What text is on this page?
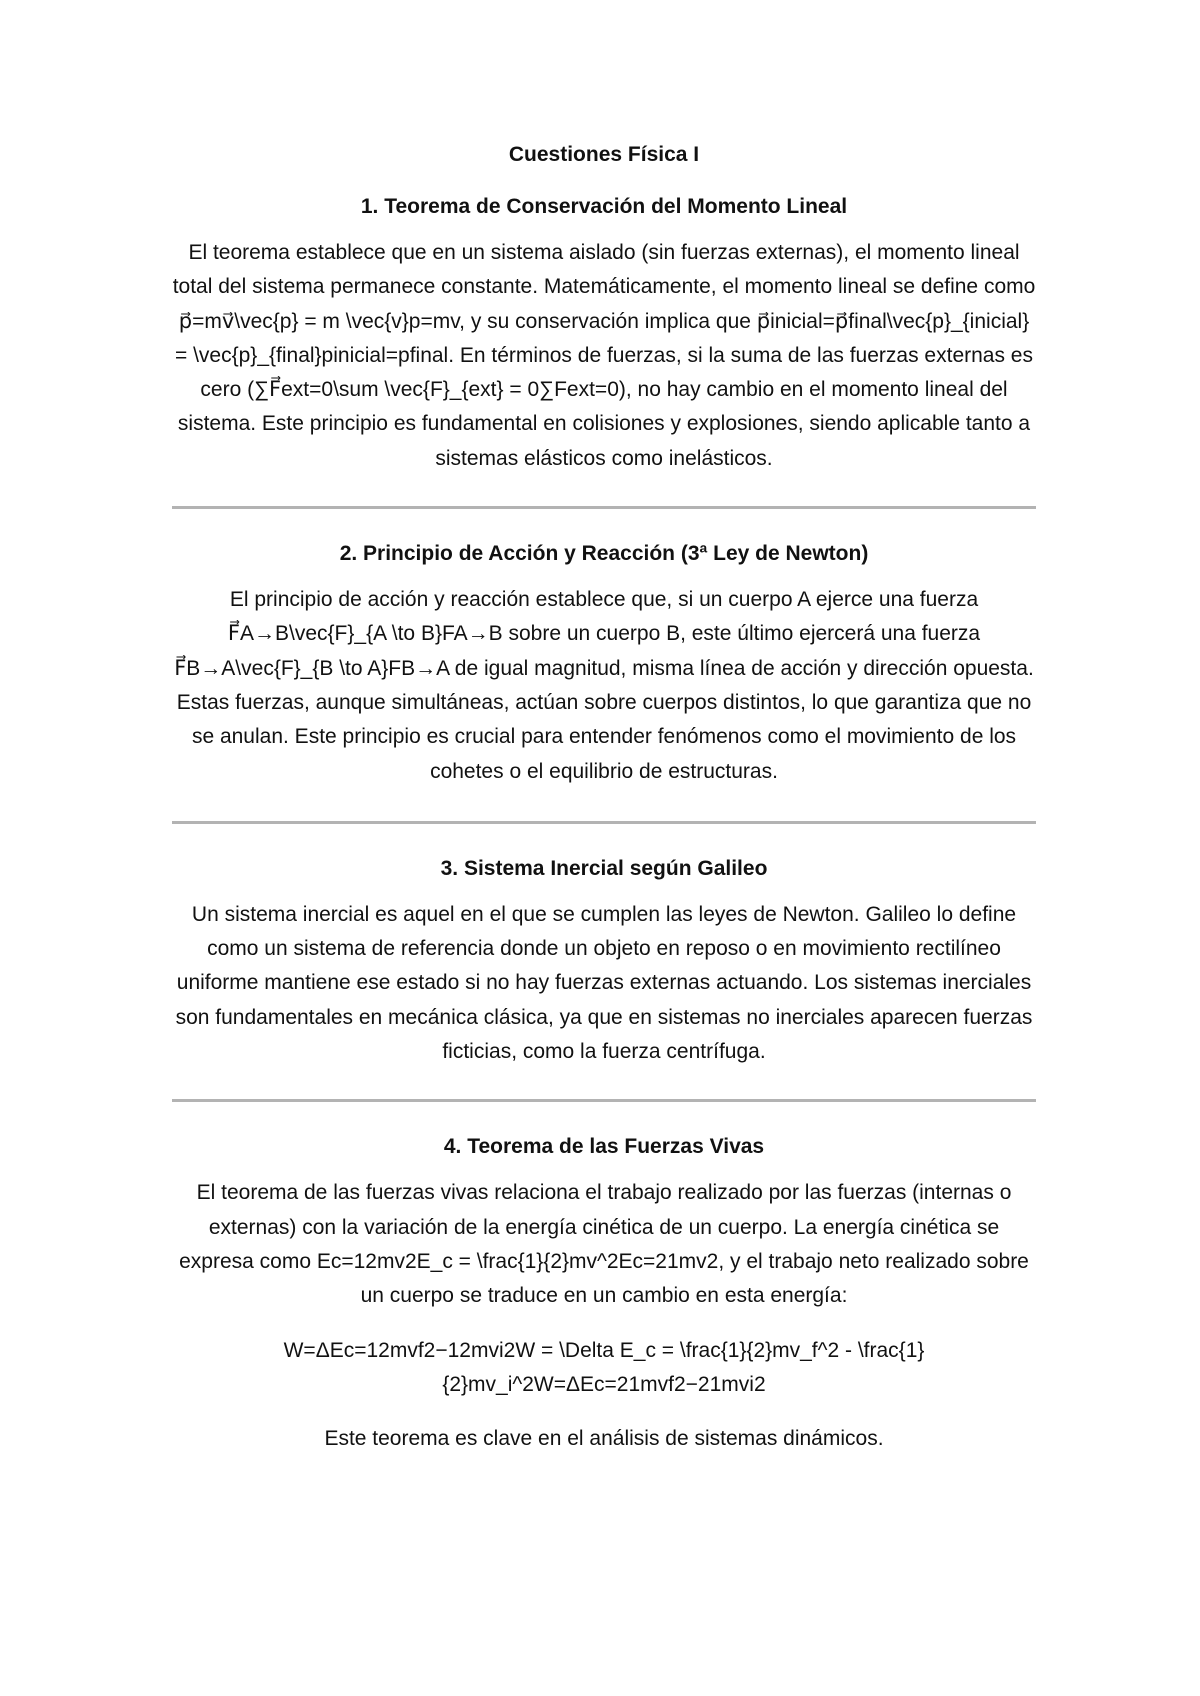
Cuestiones Física I
1. Teorema de Conservación del Momento Lineal

El teorema establece que en un sistema aislado (sin fuerzas externas), el momento lineal total del sistema permanece constante. Matemáticamente, el momento lineal se define como p⃗=mv⃗\vec{p} = m \vec{v}p=mv, y su conservación implica que p⃗inicial=p⃗final\vec{p}_{inicial} = \vec{p}_{final}pinicial=pfinal. En términos de fuerzas, si la suma de las fuerzas externas es cero (∑F⃗ext=0\sum \vec{F}_{ext} = 0∑Fext=0), no hay cambio en el momento lineal del sistema. Este principio es fundamental en colisiones y explosiones, siendo aplicable tanto a sistemas elásticos como inelásticos.

2. Principio de Acción y Reacción (3ª Ley de Newton)

El principio de acción y reacción establece que, si un cuerpo A ejerce una fuerza F⃗A→B\vec{F}_{A \to B}FA→B sobre un cuerpo B, este último ejercerá una fuerza F⃗B→A\vec{F}_{B \to A}FB→A de igual magnitud, misma línea de acción y dirección opuesta. Estas fuerzas, aunque simultáneas, actúan sobre cuerpos distintos, lo que garantiza que no se anulan. Este principio es crucial para entender fenómenos como el movimiento de los cohetes o el equilibrio de estructuras.

3. Sistema Inercial según Galileo

Un sistema inercial es aquel en el que se cumplen las leyes de Newton. Galileo lo define como un sistema de referencia donde un objeto en reposo o en movimiento rectilíneo uniforme mantiene ese estado si no hay fuerzas externas actuando. Los sistemas inerciales son fundamentales en mecánica clásica, ya que en sistemas no inerciales aparecen fuerzas ficticias, como la fuerza centrífuga.

4. Teorema de las Fuerzas Vivas

El teorema de las fuerzas vivas relaciona el trabajo realizado por las fuerzas (internas o externas) con la variación de la energía cinética de un cuerpo. La energía cinética se expresa como Ec=12mv2E_c = \frac{1}{2}mv^2Ec=21mv2, y el trabajo neto realizado sobre un cuerpo se traduce en un cambio en esta energía:

W=ΔEc=12mvf2−12mvi2W = \Delta E_c = \frac{1}{2}mv_f^2 - \frac{1}{2}mv_i^2W=ΔEc=21mvf2−21mvi2

Este teorema es clave en el análisis de sistemas dinámicos.
